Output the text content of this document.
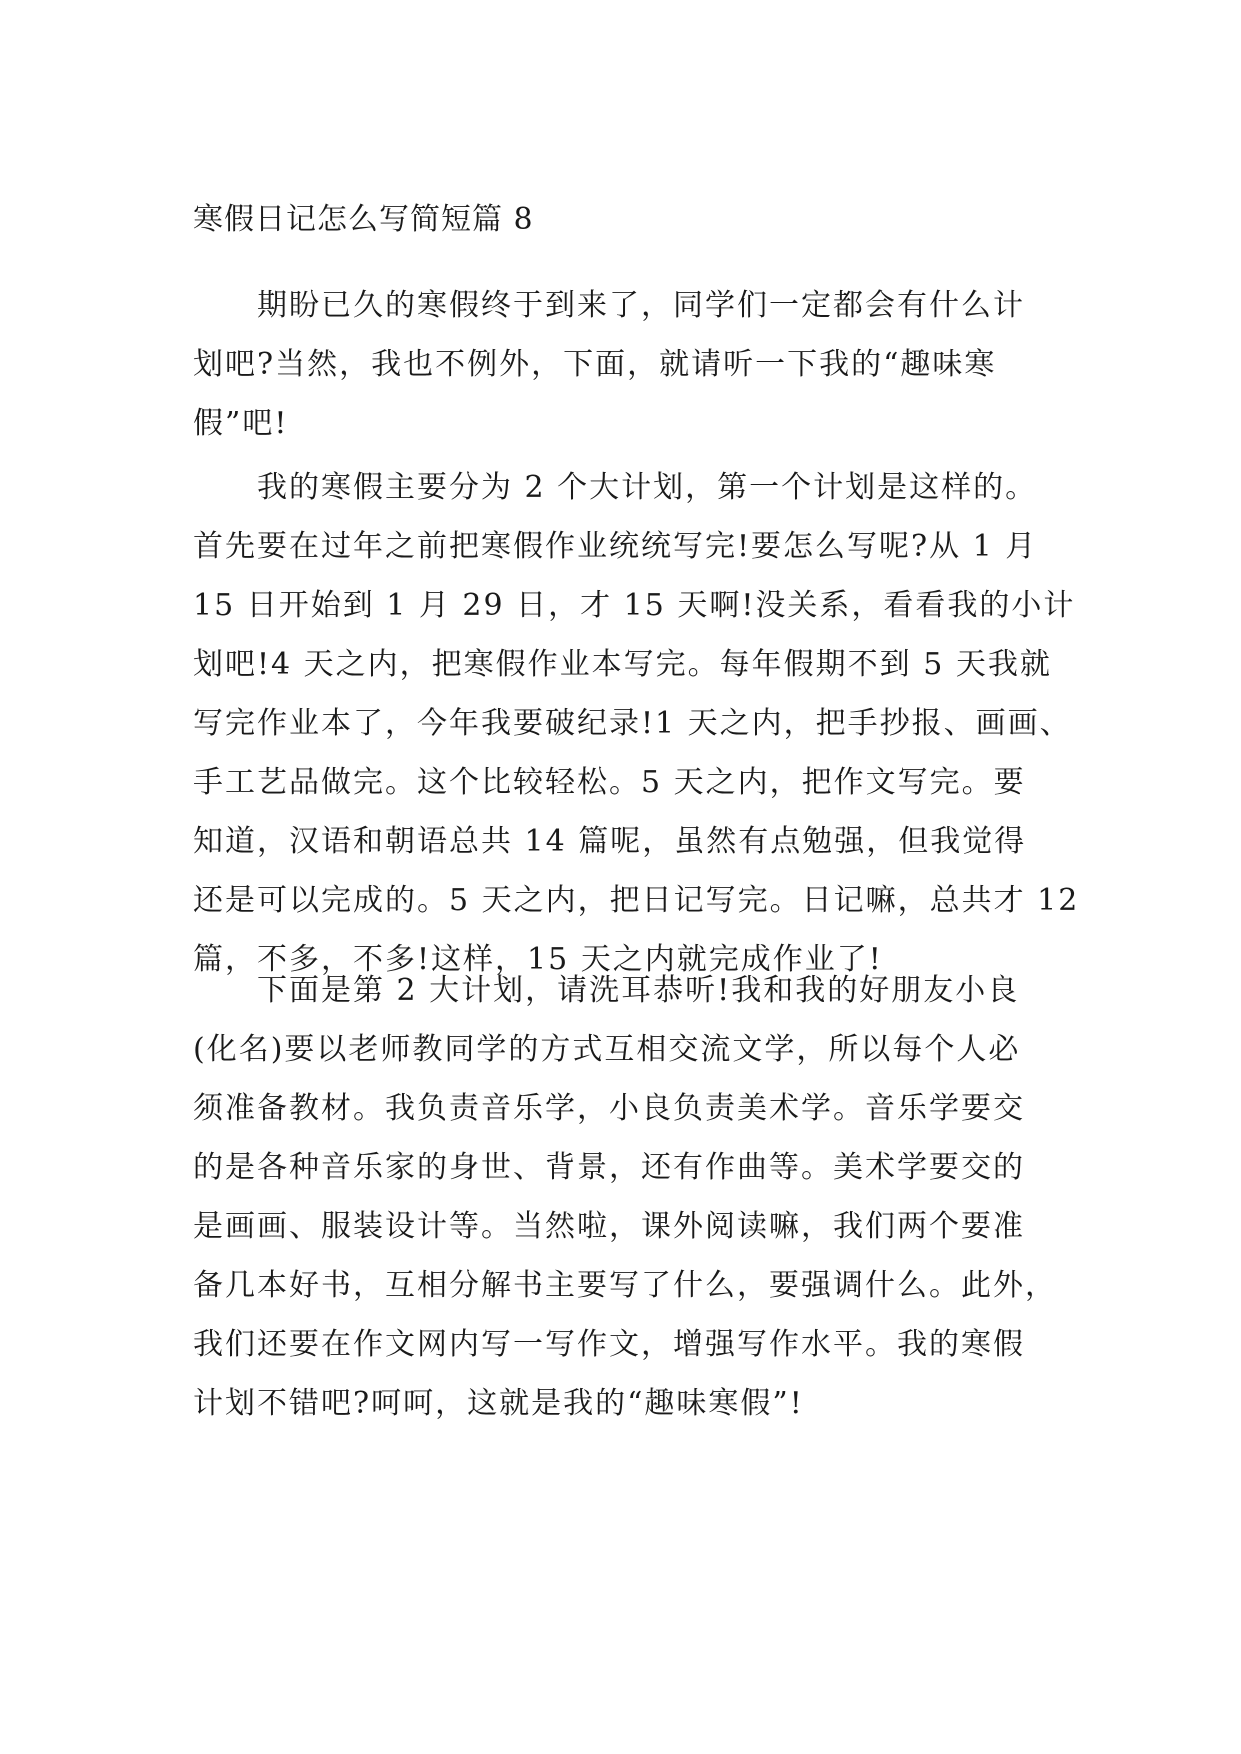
寒假日记怎么写简短篇 8
期盼已久的寒假终于到来了，同学们一定都会有什么计
划吧?当然，我也不例外，下面，就请听一下我的“趣味寒
假”吧!
我的寒假主要分为 2 个大计划，第一个计划是这样的。
首先要在过年之前把寒假作业统统写完!要怎么写呢?从 1 月
15 日开始到 1 月 29 日，才 15 天啊!没关系，看看我的小计
划吧!4 天之内，把寒假作业本写完。每年假期不到 5 天我就
写完作业本了，今年我要破纪录!1 天之内，把手抄报、画画、
手工艺品做完。这个比较轻松。5 天之内，把作文写完。要
知道，汉语和朝语总共 14 篇呢，虽然有点勉强，但我觉得
还是可以完成的。5 天之内，把日记写完。日记嘛，总共才 12
篇，不多，不多!这样，15 天之内就完成作业了!
下面是第 2 大计划，请洗耳恭听!我和我的好朋友小良
(化名)要以老师教同学的方式互相交流文学，所以每个人必
须准备教材。我负责音乐学，小良负责美术学。音乐学要交
的是各种音乐家的身世、背景，还有作曲等。美术学要交的
是画画、服装设计等。当然啦，课外阅读嘛，我们两个要准
备几本好书，互相分解书主要写了什么，要强调什么。此外，
我们还要在作文网内写一写作文，增强写作水平。我的寒假
计划不错吧?呵呵，这就是我的“趣味寒假”!
